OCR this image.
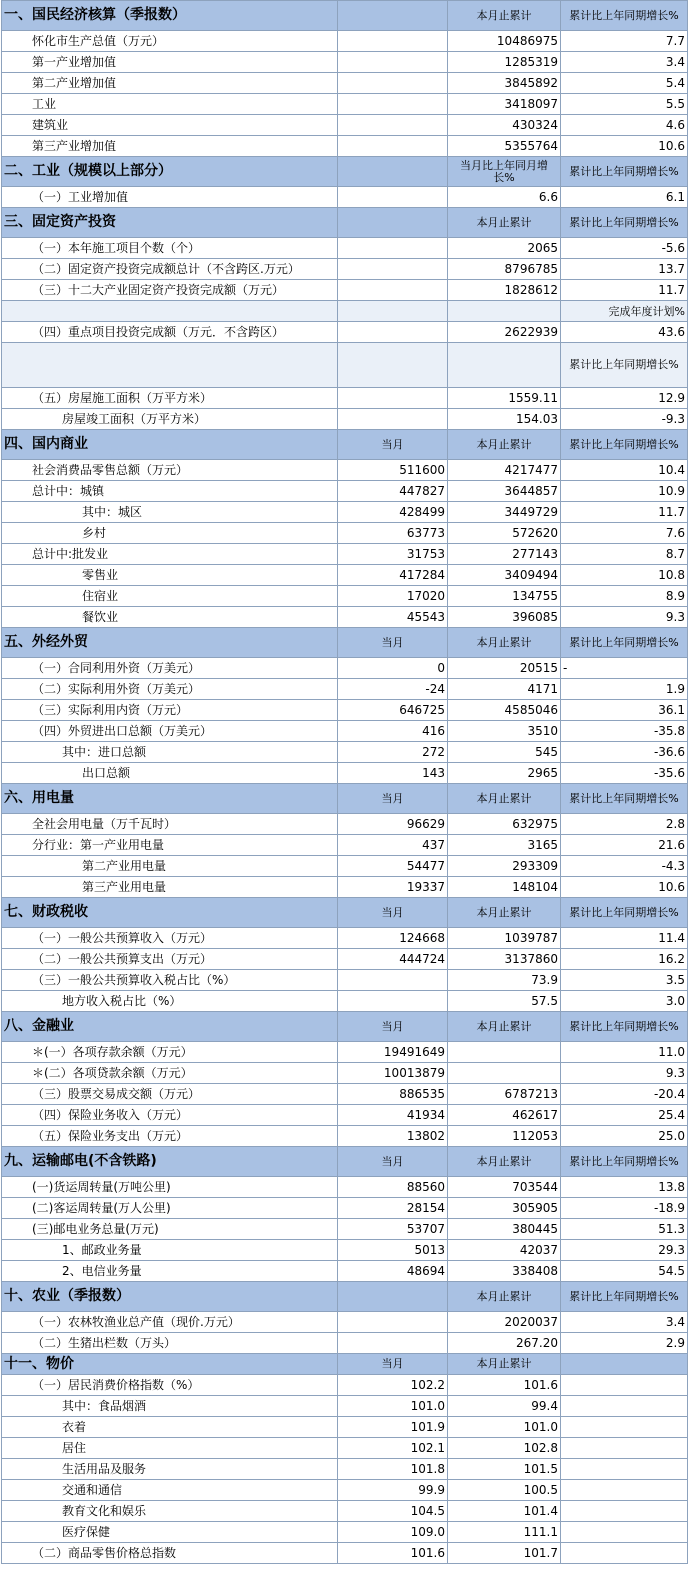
一、国民经济核算（季报数）		本月止累计	累计比上年同期增长%
怀化市生产总值（万元）		10486975	7.7
第一产业增加值		1285319	3.4
第二产业增加值		3845892	5.4
工业		3418097	5.5
建筑业		430324	4.6
第三产业增加值		5355764	10.6
二、工业（规模以上部分）		当月比上年同月增长%	累计比上年同期增长%
（一）工业增加值		6.6	6.1
三、固定资产投资		本月止累计	累计比上年同期增长%
（一）本年施工项目个数（个）		2065	-5.6
（二）固定资产投资完成额总计（不含跨区.万元）		8796785	13.7
（三）十二大产业固定资产投资完成额（万元）		1828612	11.7
			完成年度计划%
（四）重点项目投资完成额（万元．不含跨区）		2622939	43.6
			累计比上年同期增长%
（五）房屋施工面积（万平方米）		1559.11	12.9
房屋竣工面积（万平方米）		154.03	-9.3
四、国内商业	当月	本月止累计	累计比上年同期增长%
社会消费品零售总额（万元）	511600	4217477	10.4
总计中：城镇	447827	3644857	10.9
其中：城区	428499	3449729	11.7
乡村	63773	572620	7.6
总计中:批发业	31753	277143	8.7
零售业	417284	3409494	10.8
住宿业	17020	134755	8.9
餐饮业	45543	396085	9.3
五、外经外贸	当月	本月止累计	累计比上年同期增长%
（一）合同利用外资（万美元）	0	20515	-
（二）实际利用外资（万美元）	-24	4171	1.9
（三）实际利用内资（万元）	646725	4585046	36.1
（四）外贸进出口总额（万美元）	416	3510	-35.8
其中：进口总额	272	545	-36.6
出口总额	143	2965	-35.6
六、用电量	当月	本月止累计	累计比上年同期增长%
全社会用电量（万千瓦时）	96629	632975	2.8
分行业：第一产业用电量	437	3165	21.6
第二产业用电量	54477	293309	-4.3
第三产业用电量	19337	148104	10.6
七、财政税收	当月	本月止累计	累计比上年同期增长%
（一）一般公共预算收入（万元）	124668	1039787	11.4
（二）一般公共预算支出（万元）	444724	3137860	16.2
（三）一般公共预算收入税占比（%）		73.9	3.5
地方收入税占比（%）		57.5	3.0
八、金融业	当月	本月止累计	累计比上年同期增长%
＊(一）各项存款余额（万元）	19491649		11.0
＊(二）各项贷款余额（万元）	10013879		9.3
（三）股票交易成交额（万元）	886535	6787213	-20.4
（四）保险业务收入（万元）	41934	462617	25.4
（五）保险业务支出（万元）	13802	112053	25.0
九、运输邮电(不含铁路)	当月	本月止累计	累计比上年同期增长%
(一)货运周转量(万吨公里)	88560	703544	13.8
(二)客运周转量(万人公里)	28154	305905	-18.9
(三)邮电业务总量(万元)	53707	380445	51.3
1、邮政业务量	5013	42037	29.3
2、电信业务量	48694	338408	54.5
十、农业（季报数）		本月止累计	累计比上年同期增长%
（一）农林牧渔业总产值（现价.万元）		2020037	3.4
（二）生猪出栏数（万头）		267.20	2.9
十一、物价	当月	本月止累计	
（一）居民消费价格指数（%）	102.2	101.6	
其中：食品烟酒	101.0	99.4	
衣着	101.9	101.0	
居住	102.1	102.8	
生活用品及服务	101.8	101.5	
交通和通信	99.9	100.5	
教育文化和娱乐	104.5	101.4	
医疗保健	109.0	111.1	
（二）商品零售价格总指数	101.6	101.7	
